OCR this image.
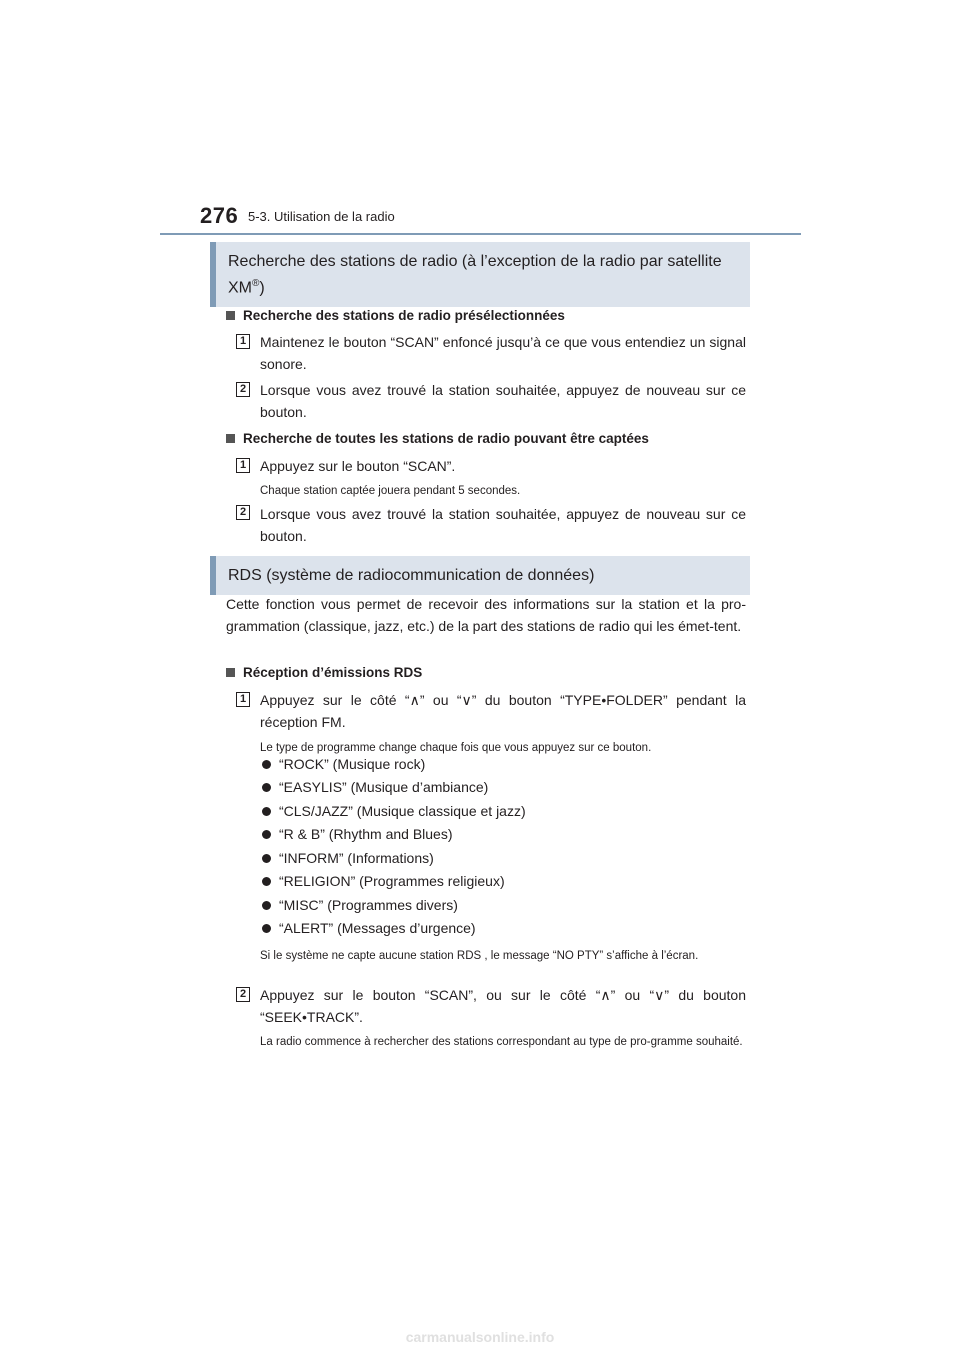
276 5-3. Utilisation de la radio
Recherche des stations de radio (à l’exception de la radio par satellite
XM®)
Recherche des stations de radio présélectionnées
1 Maintenez le bouton “SCAN” enfoncé jusqu’à ce que vous entendiez un signal sonore.
2 Lorsque vous avez trouvé la station souhaitée, appuyez de nouveau sur ce bouton.
Recherche de toutes les stations de radio pouvant être captées
1 Appuyez sur le bouton “SCAN”.
Chaque station captée jouera pendant 5 secondes.
2 Lorsque vous avez trouvé la station souhaitée, appuyez de nouveau sur ce bouton.
RDS (système de radiocommunication de données)
Cette fonction vous permet de recevoir des informations sur la station et la pro-grammation (classique, jazz, etc.) de la part des stations de radio qui les émet-tent.
Réception d’émissions RDS
1 Appuyez sur le côté “∧” ou “∨” du bouton “TYPE•FOLDER” pendant la réception FM.
Le type de programme change chaque fois que vous appuyez sur ce bouton.
“ROCK” (Musique rock)
“EASYLIS” (Musique d’ambiance)
“CLS/JAZZ” (Musique classique et jazz)
“R & B” (Rhythm and Blues)
“INFORM” (Informations)
“RELIGION” (Programmes religieux)
“MISC” (Programmes divers)
“ALERT” (Messages d’urgence)
Si le système ne capte aucune station RDS , le message “NO PTY” s’affiche à l’écran.
2 Appuyez sur le bouton “SCAN”, ou sur le côté “∧” ou “∨” du bouton “SEEK•TRACK”.
La radio commence à rechercher des stations correspondant au type de pro-gramme souhaité.
carmanualsonline.info
